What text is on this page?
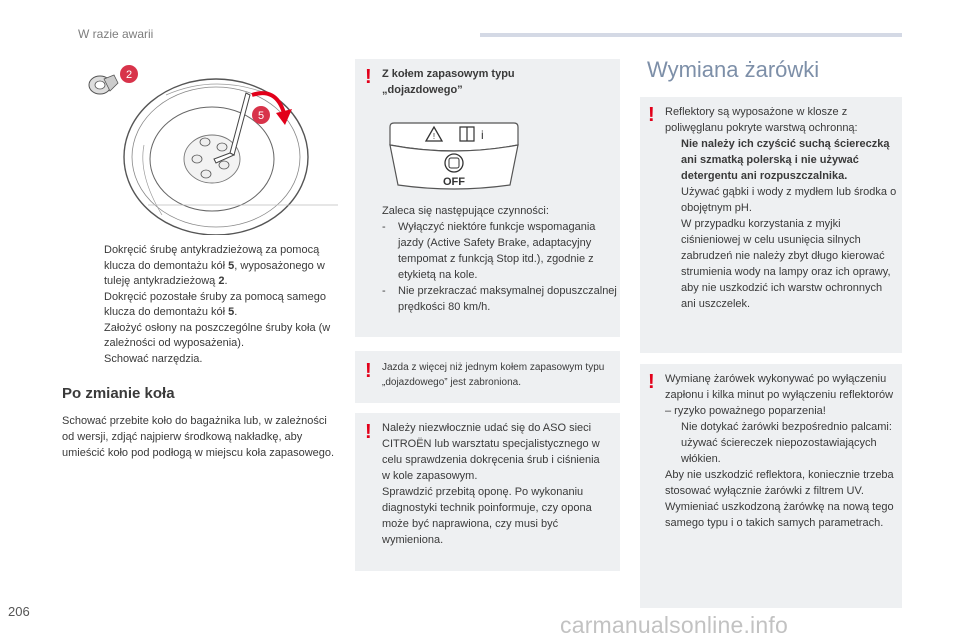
W razie awarii
2
5
Dokręcić śrubę antykradzieżową za pomocą klucza do demontażu kół 5, wyposażonego w tuleję antykradzieżową 2.
Dokręcić pozostałe śruby za pomocą samego klucza do demontażu kół 5.
Założyć osłony na poszczególne śruby koła (w zależności od wyposażenia).
Schować narzędzia.
Po zmianie koła
Schować przebite koło do bagażnika lub, w zależności od wersji, zdjąć najpierw środkową nakładkę, aby umieścić koło pod podłogą w miejscu koła zapasowego.
! Z kołem zapasowym typu „dojazdowego”
!	i
OFF
Zaleca się następujące czynności:
- Wyłączyć niektóre funkcje wspomagania jazdy (Active Safety Brake, adaptacyjny tempomat z funkcją Stop itd.), zgodnie z etykietą na kole.
- Nie przekraczać maksymalnej dopuszczalnej prędkości 80 km/h.
! Jazda z więcej niż jednym kołem zapasowym typu „dojazdowego” jest zabroniona.
! Należy niezwłocznie udać się do ASO sieci CITROËN lub warsztatu specjalistycznego w celu sprawdzenia dokręcenia śrub i ciśnienia w kole zapasowym.
Sprawdzić przebitą oponę. Po wykonaniu diagnostyki technik poinformuje, czy opona może być naprawiona, czy musi być wymieniona.
Wymiana żarówki
! Reflektory są wyposażone w klosze z poliwęglanu pokryte warstwą ochronną:
Nie należy ich czyścić suchą ściereczką ani szmatką polerską i nie używać detergentu ani rozpuszczalnika.
Używać gąbki i wody z mydłem lub środka o obojętnym pH.
W przypadku korzystania z myjki ciśnieniowej w celu usunięcia silnych zabrudzeń nie należy zbyt długo kierować strumienia wody na lampy oraz ich oprawy, aby nie uszkodzić ich warstw ochronnych ani uszczelek.
! Wymianę żarówek wykonywać po wyłączeniu zapłonu i kilka minut po wyłączeniu reflektorów – ryzyko poważnego poparzenia!
Nie dotykać żarówki bezpośrednio palcami: używać ściereczek niepozostawiających włókien.
Aby nie uszkodzić reflektora, koniecznie trzeba stosować wyłącznie żarówki z filtrem UV.
Wymieniać uszkodzoną żarówkę na nową tego samego typu i o takich samych parametrach.
206
carmanualsonline.info
